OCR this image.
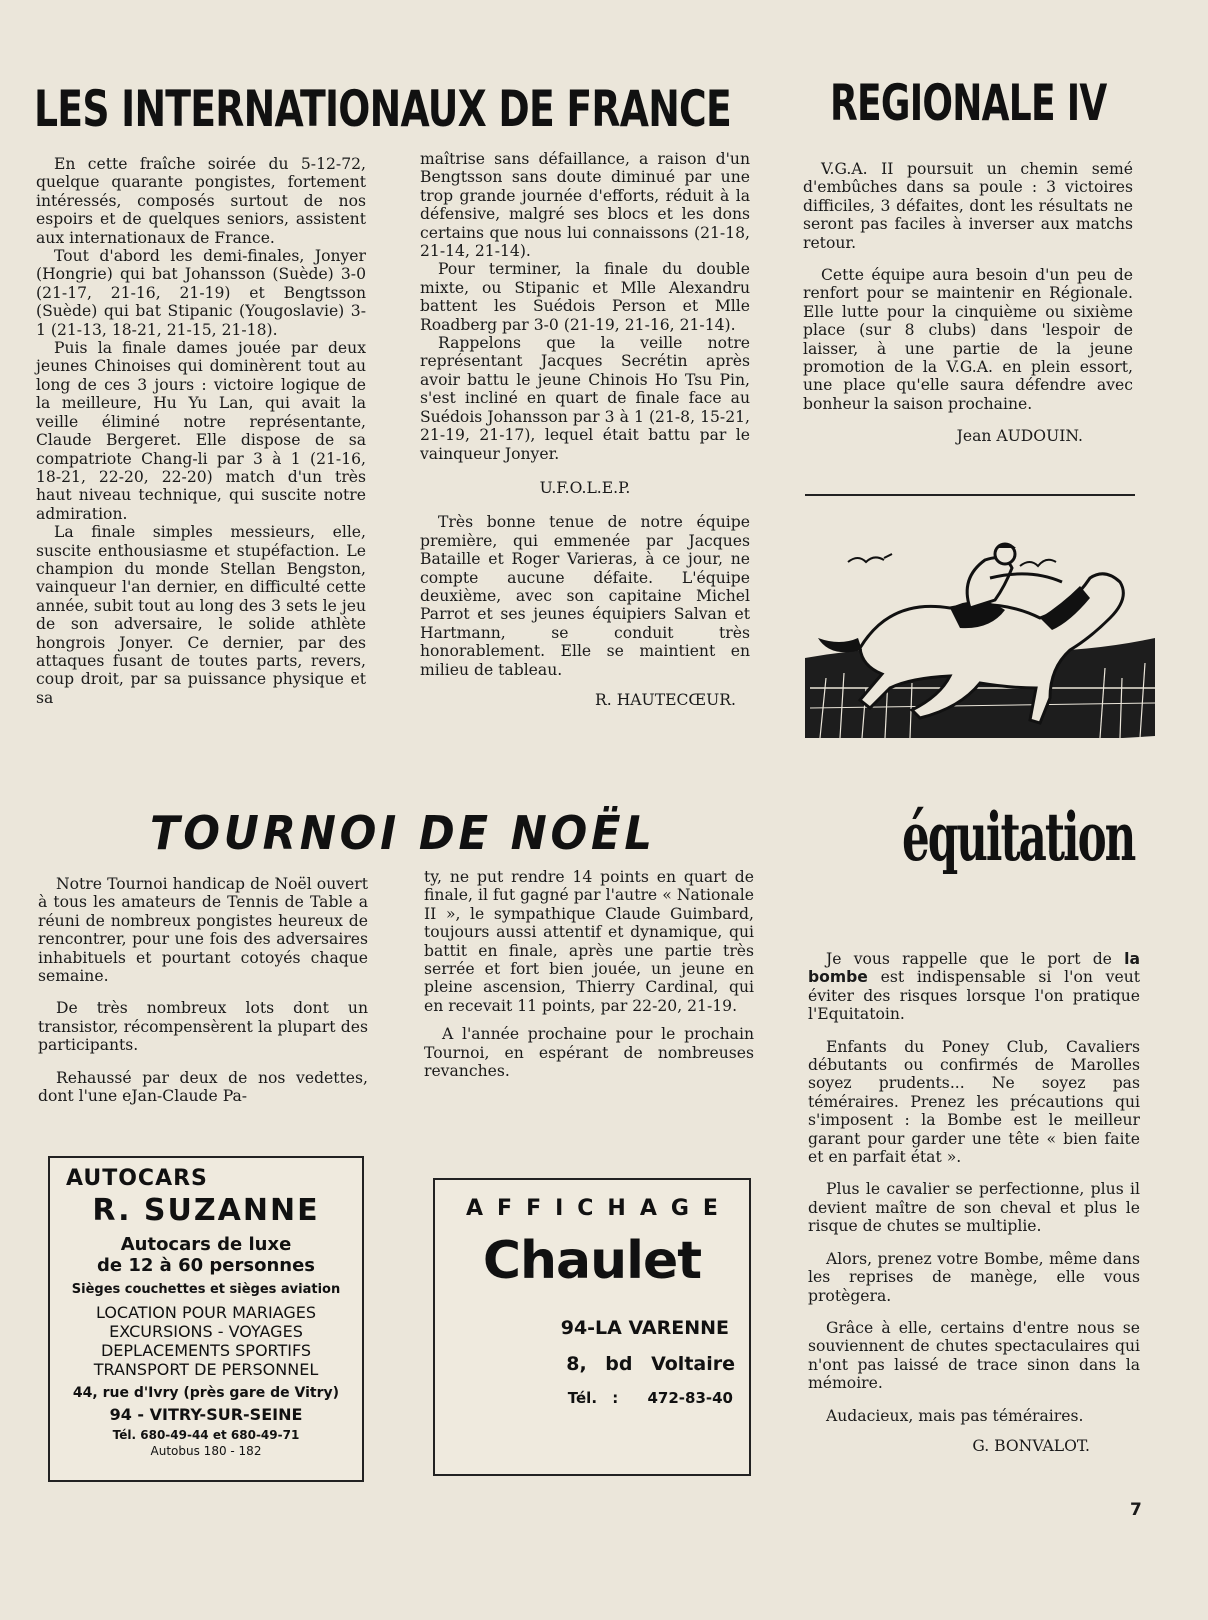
LES INTERNATIONAUX DE FRANCE REGIONALE IV
TOURNOI DE NOËL	équitation

En cette fraîche soirée du 5-12-72, quelque quarante pongistes, fortement intéressés, composés surtout de nos espoirs et de quelques seniors, assistent aux internationaux de France.

Tout d'abord les demi-finales, Jonyer (Hongrie) qui bat Johansson (Suède) 3-0 (21-17, 21-16, 21-19) et Bengtsson (Suède) qui bat Stipanic (Yougoslavie) 3-1 (21-13, 18-21, 21-15, 21-18).

Puis la finale dames jouée par deux jeunes Chinoises qui dominèrent tout au long de ces 3 jours : victoire logique de la meilleure, Hu Yu Lan, qui avait la veille éliminé notre représentante, Claude Bergeret. Elle dispose de sa compatriote Chang-li par 3 à 1 (21-16, 18-21, 22-20, 22-20) match d'un très haut niveau technique, qui suscite notre admiration.

La finale simples messieurs, elle, suscite enthousiasme et stupéfaction. Le champion du monde Stellan Bengston, vainqueur l'an dernier, en difficulté cette année, subit tout au long des 3 sets le jeu de son adversaire, le solide athlète hongrois Jonyer. Ce dernier, par des attaques fusant de toutes parts, revers, coup droit, par sa puissance physique et sa

maîtrise sans défaillance, a raison d'un Bengtsson sans doute diminué par une trop grande journée d'efforts, réduit à la défensive, malgré ses blocs et les dons certains que nous lui connaissons (21-18, 21-14, 21-14).

Pour terminer, la finale du double mixte, ou Stipanic et Mlle Alexandru battent les Suédois Person et Mlle Roadberg par 3-0 (21-19, 21-16, 21-14).

Rappelons que la veille notre représentant Jacques Secrétin après avoir battu le jeune Chinois Ho Tsu Pin, s'est incliné en quart de finale face au Suédois Johansson par 3 à 1 (21-8, 15-21, 21-19, 21-17), lequel était battu par le vainqueur Jonyer.

U.F.O.L.E.P.

Très bonne tenue de notre équipe première, qui emmenée par Jacques Bataille et Roger Varieras, à ce jour, ne compte aucune défaite. L'équipe deuxième, avec son capitaine Michel Parrot et ses jeunes équipiers Salvan et Hartmann, se conduit très honorablement. Elle se maintient en milieu de tableau.

R. HAUTECŒUR.

V.G.A. II poursuit un chemin semé d'embûches dans sa poule : 3 victoires difficiles, 3 défaites, dont les résultats ne seront pas faciles à inverser aux matchs retour.

Cette équipe aura besoin d'un peu de renfort pour se maintenir en Régionale. Elle lutte pour la cinquième ou sixième place (sur 8 clubs) dans 'lespoir de laisser, à une partie de la jeune promotion de la V.G.A. en plein essort, une place qu'elle saura défendre avec bonheur la saison prochaine.

Jean AUDOUIN.

Notre Tournoi handicap de Noël ouvert à tous les amateurs de Tennis de Table a réuni de nombreux pongistes heureux de rencontrer, pour une fois des adversaires inhabituels et pourtant cotoyés chaque semaine.

De très nombreux lots dont un transistor, récompensèrent la plupart des participants.

Rehaussé par deux de nos vedettes, dont l'une eJan-Claude Pa-

ty, ne put rendre 14 points en quart de finale, il fut gagné par l'autre « Nationale II », le sympathique Claude Guimbard, toujours aussi attentif et dynamique, qui battit en finale, après une partie très serrée et fort bien jouée, un jeune en pleine ascension, Thierry Cardinal, qui en recevait 11 points, par 22-20, 21-19.

A l'année prochaine pour le prochain Tournoi, en espérant de nombreuses revanches.

Je vous rappelle que le port de la bombe est indispensable si l'on veut éviter des risques lorsque l'on pratique l'Equitatoin.

Enfants du Poney Club, Cavaliers débutants ou confirmés de Marolles soyez prudents... Ne soyez pas téméraires. Prenez les précautions qui s'imposent : la Bombe est le meilleur garant pour garder une tête « bien faite et en parfait état ».

Plus le cavalier se perfectionne, plus il devient maître de son cheval et plus le risque de chutes se multiplie.

Alors, prenez votre Bombe, même dans les reprises de manège, elle vous protègera.

Grâce à elle, certains d'entre nous se souviennent de chutes spectaculaires qui n'ont pas laissé de trace sinon dans la mémoire.

Audacieux, mais pas téméraires.

G. BONVALOT.

AUTOCARS
R. SUZANNE
Autocars de luxe
de 12 à 60 personnes
Sièges couchettes et sièges aviation
LOCATION POUR MARIAGES
EXCURSIONS - VOYAGES
DEPLACEMENTS SPORTIFS
TRANSPORT DE PERSONNEL
44, rue d'Ivry (près gare de Vitry)
94 - VITRY-SUR-SEINE
Tél. 680-49-44 et 680-49-71
Autobus 180 - 182
AFFICHAGE
Chaulet
94-LA VARENNE
8, bd Voltaire
Tél. : 472-83-40
7
